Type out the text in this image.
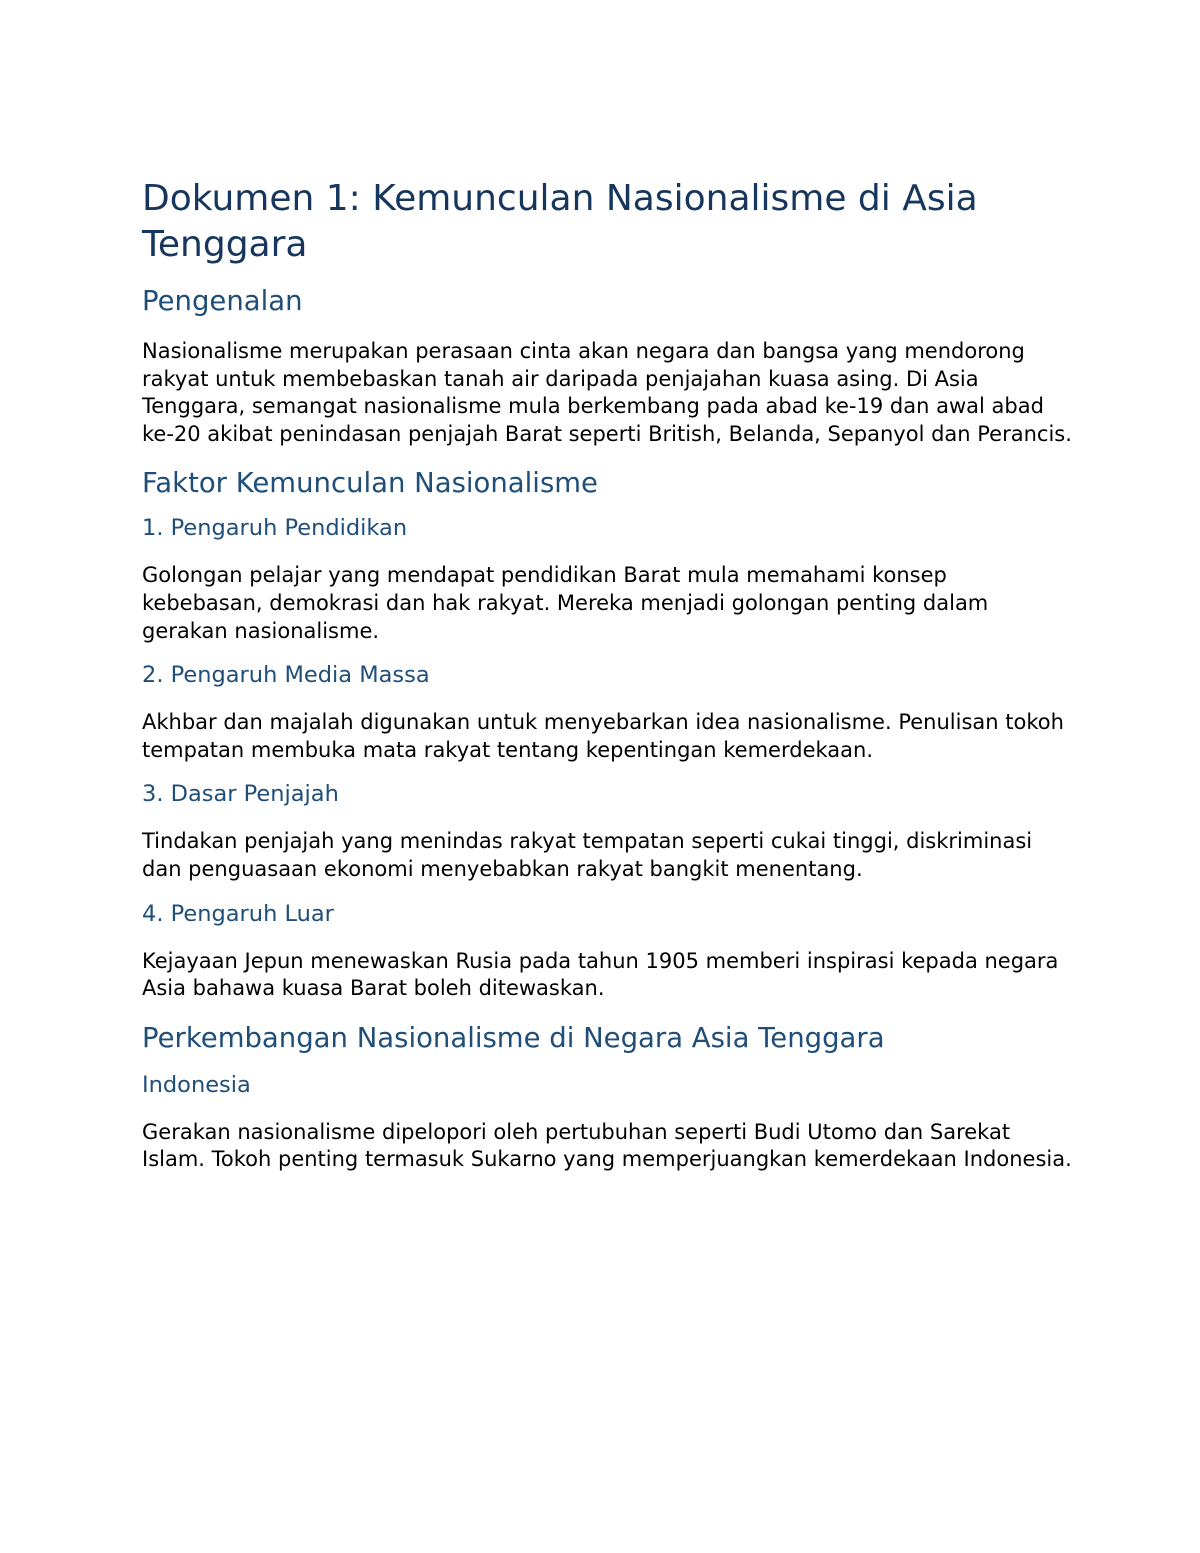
Dokumen 1: Kemunculan Nasionalisme di Asia Tenggara
Pengenalan

Nasionalisme merupakan perasaan cinta akan negara dan bangsa yang mendorong rakyat untuk membebaskan tanah air daripada penjajahan kuasa asing. Di Asia Tenggara, semangat nasionalisme mula berkembang pada abad ke-19 dan awal abad ke-20 akibat penindasan penjajah Barat seperti British, Belanda, Sepanyol dan Perancis.

Faktor Kemunculan Nasionalisme
1. Pengaruh Pendidikan

Golongan pelajar yang mendapat pendidikan Barat mula memahami konsep kebebasan, demokrasi dan hak rakyat. Mereka menjadi golongan penting dalam gerakan nasionalisme.

2. Pengaruh Media Massa

Akhbar dan majalah digunakan untuk menyebarkan idea nasionalisme. Penulisan tokoh tempatan membuka mata rakyat tentang kepentingan kemerdekaan.

3. Dasar Penjajah

Tindakan penjajah yang menindas rakyat tempatan seperti cukai tinggi, diskriminasi dan penguasaan ekonomi menyebabkan rakyat bangkit menentang.

4. Pengaruh Luar

Kejayaan Jepun menewaskan Rusia pada tahun 1905 memberi inspirasi kepada negara Asia bahawa kuasa Barat boleh ditewaskan.

Perkembangan Nasionalisme di Negara Asia Tenggara
Indonesia

Gerakan nasionalisme dipelopori oleh pertubuhan seperti Budi Utomo dan Sarekat Islam. Tokoh penting termasuk Sukarno yang memperjuangkan kemerdekaan Indonesia.
